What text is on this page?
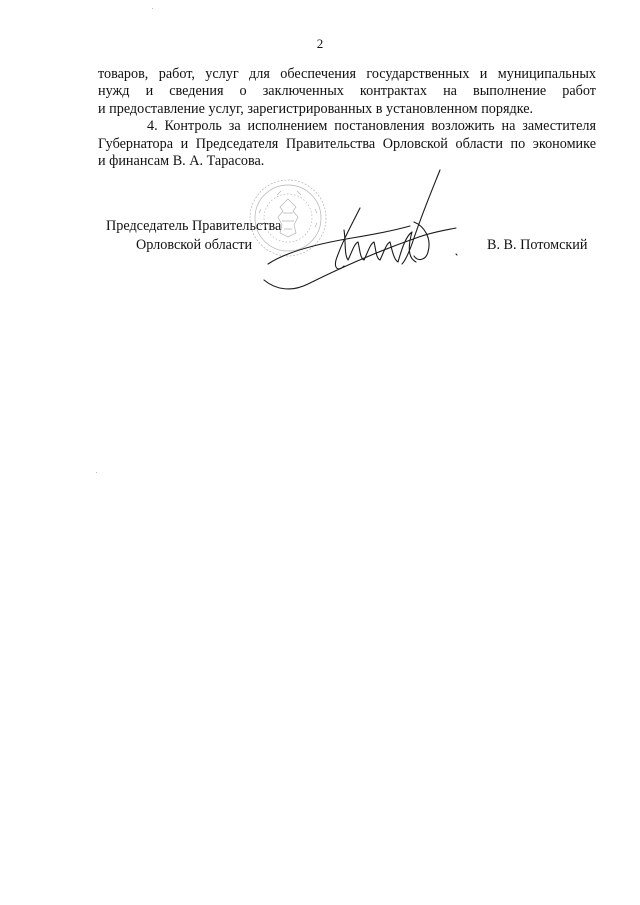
2
товаров, работ, услуг для обеспечения государственных и муниципальных
нужд и сведения о заключенных контрактах на выполнение работ
и предоставление услуг, зарегистрированных в установленном порядке.
4. Контроль за исполнением постановления возложить на заместителя
Губернатора и Председателя Правительства Орловской области по экономике
и финансам В. А. Тарасова.
Председатель Правительства
Орловской области	В. В. Потомский
